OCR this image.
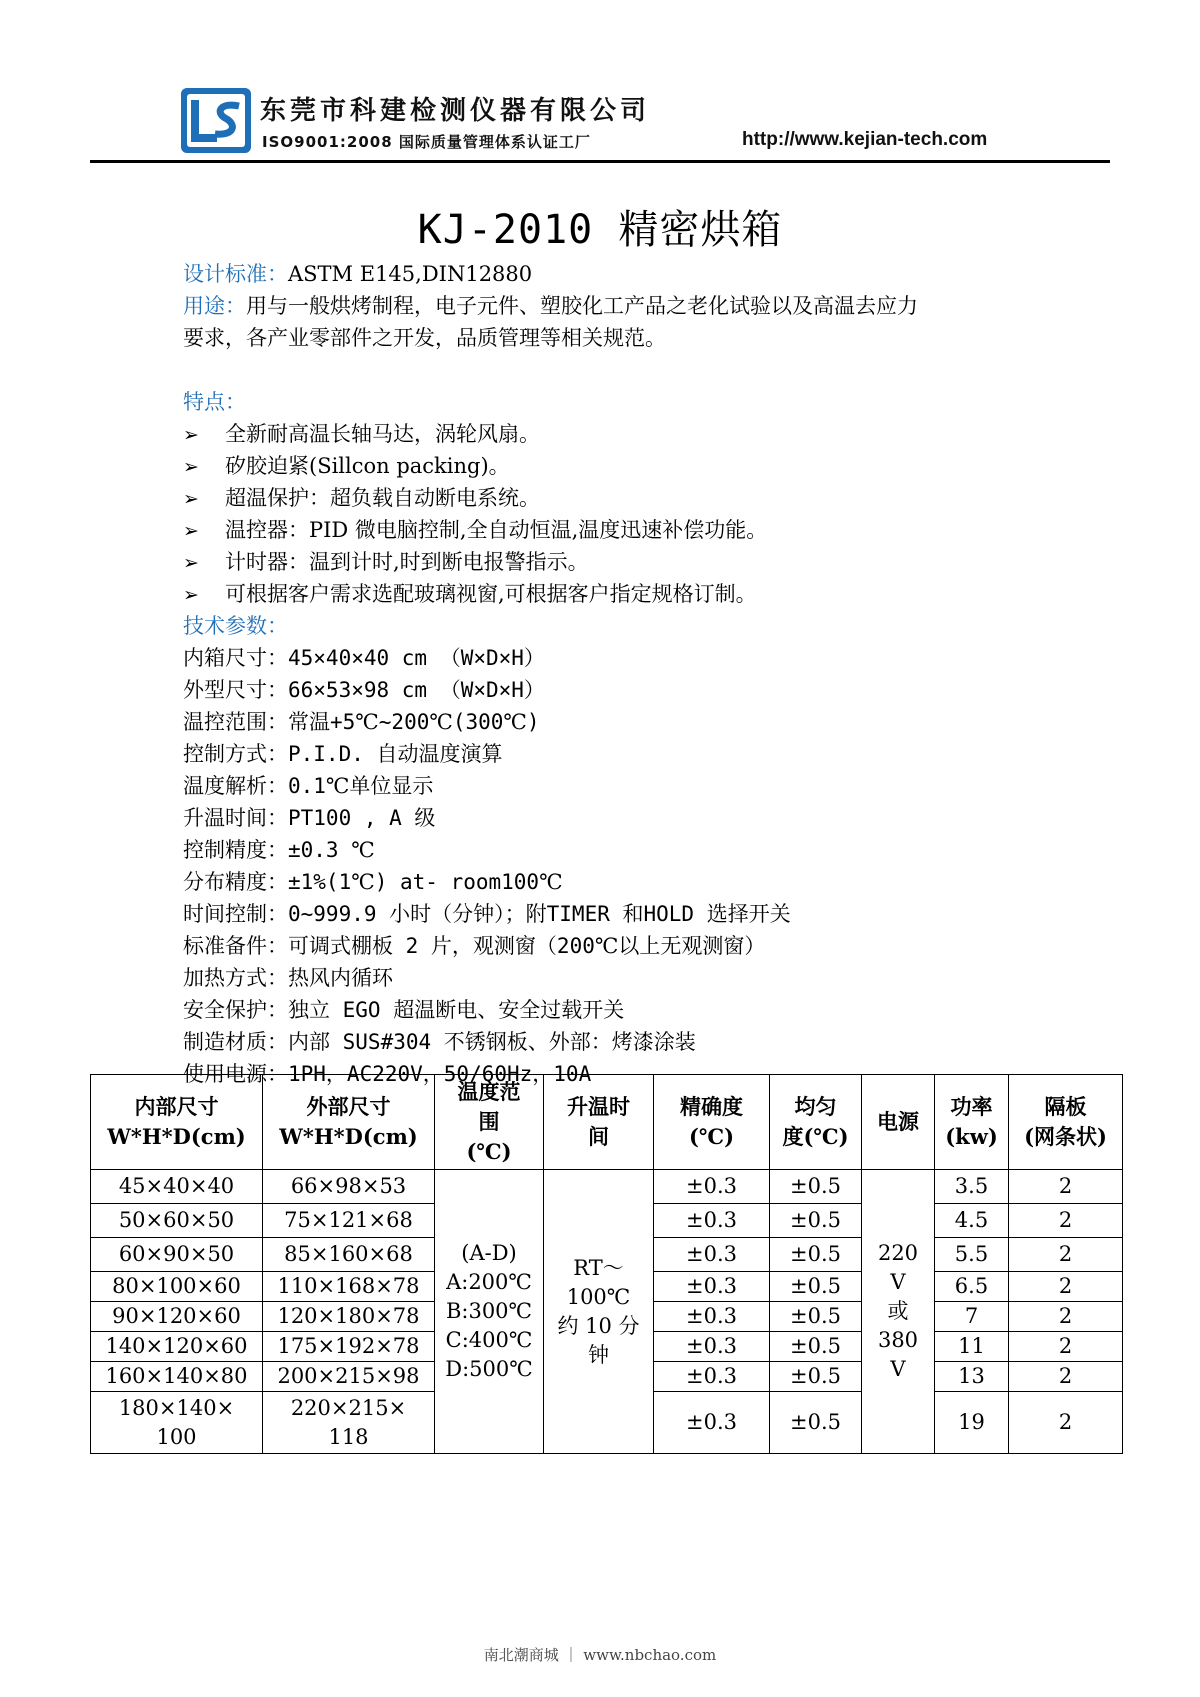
东莞市科建检测仪器有限公司
ISO9001:2008 国际质量管理体系认证工厂	http://www.kejian-tech.com
KJ-2010 精密烘箱
设计标准：ASTM E145,DIN12880
用途：用与一般烘烤制程，电子元件、塑胶化工产品之老化试验以及高温去应力
要求，各产业零部件之开发，品质管理等相关规范。
特点：
➢ 全新耐高温长轴马达，涡轮风扇。
➢ 矽胶迫紧(Sillcon packing)。
➢ 超温保护：超负载自动断电系统。
➢ 温控器：PID 微电脑控制,全自动恒温,温度迅速补偿功能。
➢ 计时器：温到计时,时到断电报警指示。
➢ 可根据客户需求选配玻璃视窗,可根据客户指定规格订制。
技术参数：
内箱尺寸：45×40×40 cm （W×D×H）
外型尺寸：66×53×98 cm （W×D×H）
温控范围：常温+5℃~200℃(300℃)
控制方式：P.I.D. 自动温度演算
温度解析：0.1℃单位显示
升温时间：PT100 , A 级
控制精度：±0.3 ℃
分布精度：±1%(1℃) at- room100℃
时间控制：0~999.9 小时（分钟）；附TIMER 和HOLD 选择开关
标准备件：可调式棚板 2 片，观测窗（200℃以上无观测窗）
加热方式：热风内循环
安全保护：独立 EGO 超温断电、安全过载开关
制造材质：内部 SUS#304 不锈钢板、外部：烤漆涂装
使用电源：1PH，AC220V，50/60Hz，10A
内部尺寸
W*H*D(cm)	外部尺寸
W*H*D(cm)	温度范
围
(℃)	升温时
间	精确度
(℃)	均匀
度(℃)	电源	功率
(kw)	隔板
(网条状)
45×40×40	66×98×53	(A-D)
A:200℃
B:300℃
C:400℃
D:500℃	RT～
100℃
约 10 分
钟	±0.3	±0.5	220
V
或
380
V	3.5	2
50×60×50	75×121×68			±0.3	±0.5		4.5	2
60×90×50	85×160×68			±0.3	±0.5		5.5	2
80×100×60	110×168×78			±0.3	±0.5		6.5	2
90×120×60	120×180×78			±0.3	±0.5		7	2
140×120×60	175×192×78			±0.3	±0.5		11	2
160×140×80	200×215×98			±0.3	±0.5		13	2
180×140×
100	220×215×
118			±0.3	±0.5		19	2
南北潮商城 ｜ www.nbchao.com
